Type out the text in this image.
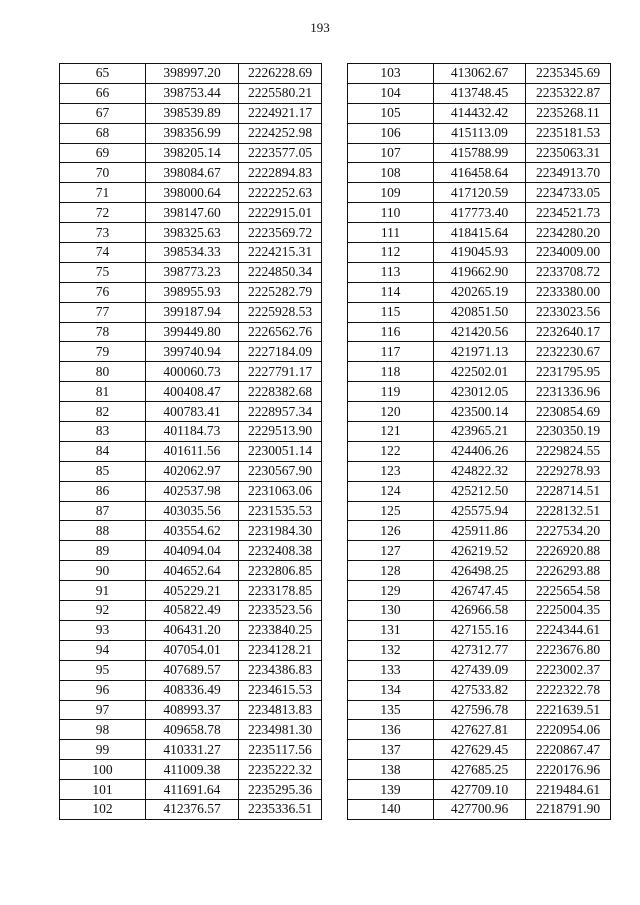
193
65	398997.20	2226228.69
66	398753.44	2225580.21
67	398539.89	2224921.17
68	398356.99	2224252.98
69	398205.14	2223577.05
70	398084.67	2222894.83
71	398000.64	2222252.63
72	398147.60	2222915.01
73	398325.63	2223569.72
74	398534.33	2224215.31
75	398773.23	2224850.34
76	398955.93	2225282.79
77	399187.94	2225928.53
78	399449.80	2226562.76
79	399740.94	2227184.09
80	400060.73	2227791.17
81	400408.47	2228382.68
82	400783.41	2228957.34
83	401184.73	2229513.90
84	401611.56	2230051.14
85	402062.97	2230567.90
86	402537.98	2231063.06
87	403035.56	2231535.53
88	403554.62	2231984.30
89	404094.04	2232408.38
90	404652.64	2232806.85
91	405229.21	2233178.85
92	405822.49	2233523.56
93	406431.20	2233840.25
94	407054.01	2234128.21
95	407689.57	2234386.83
96	408336.49	2234615.53
97	408993.37	2234813.83
98	409658.78	2234981.30
99	410331.27	2235117.56
100	411009.38	2235222.32
101	411691.64	2235295.36
102	412376.57	2235336.51
103	413062.67	2235345.69
104	413748.45	2235322.87
105	414432.42	2235268.11
106	415113.09	2235181.53
107	415788.99	2235063.31
108	416458.64	2234913.70
109	417120.59	2234733.05
110	417773.40	2234521.73
111	418415.64	2234280.20
112	419045.93	2234009.00
113	419662.90	2233708.72
114	420265.19	2233380.00
115	420851.50	2233023.56
116	421420.56	2232640.17
117	421971.13	2232230.67
118	422502.01	2231795.95
119	423012.05	2231336.96
120	423500.14	2230854.69
121	423965.21	2230350.19
122	424406.26	2229824.55
123	424822.32	2229278.93
124	425212.50	2228714.51
125	425575.94	2228132.51
126	425911.86	2227534.20
127	426219.52	2226920.88
128	426498.25	2226293.88
129	426747.45	2225654.58
130	426966.58	2225004.35
131	427155.16	2224344.61
132	427312.77	2223676.80
133	427439.09	2223002.37
134	427533.82	2222322.78
135	427596.78	2221639.51
136	427627.81	2220954.06
137	427629.45	2220867.47
138	427685.25	2220176.96
139	427709.10	2219484.61
140	427700.96	2218791.90
